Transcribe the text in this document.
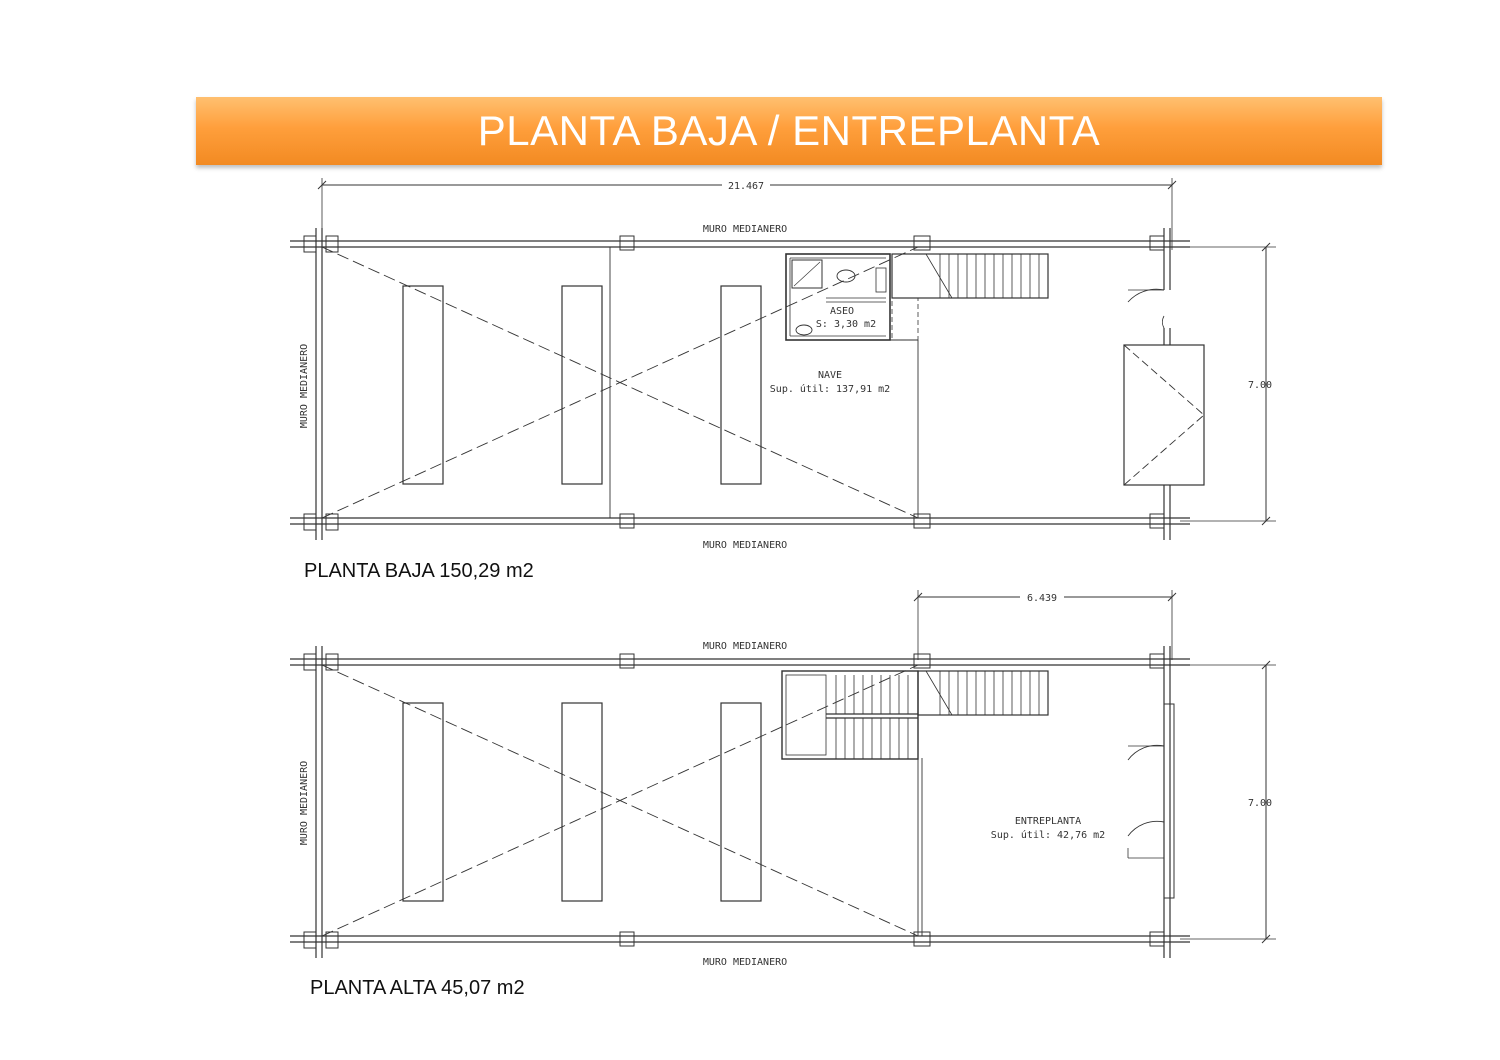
PLANTA BAJA / ENTREPLANTA
21.467
ASEO
S: 3,30 m2
7.00
MURO MEDIANERO
MURO MEDIANERO
MURO MEDIANERO	NAVE
Sup. útil: 137,91 m2
PLANTA BAJA 150,29 m2
6.439
7.00
MURO MEDIANERO
MURO MEDIANERO
MURO MEDIANERO	ENTREPLANTA
Sup. útil: 42,76 m2
PLANTA ALTA 45,07 m2
